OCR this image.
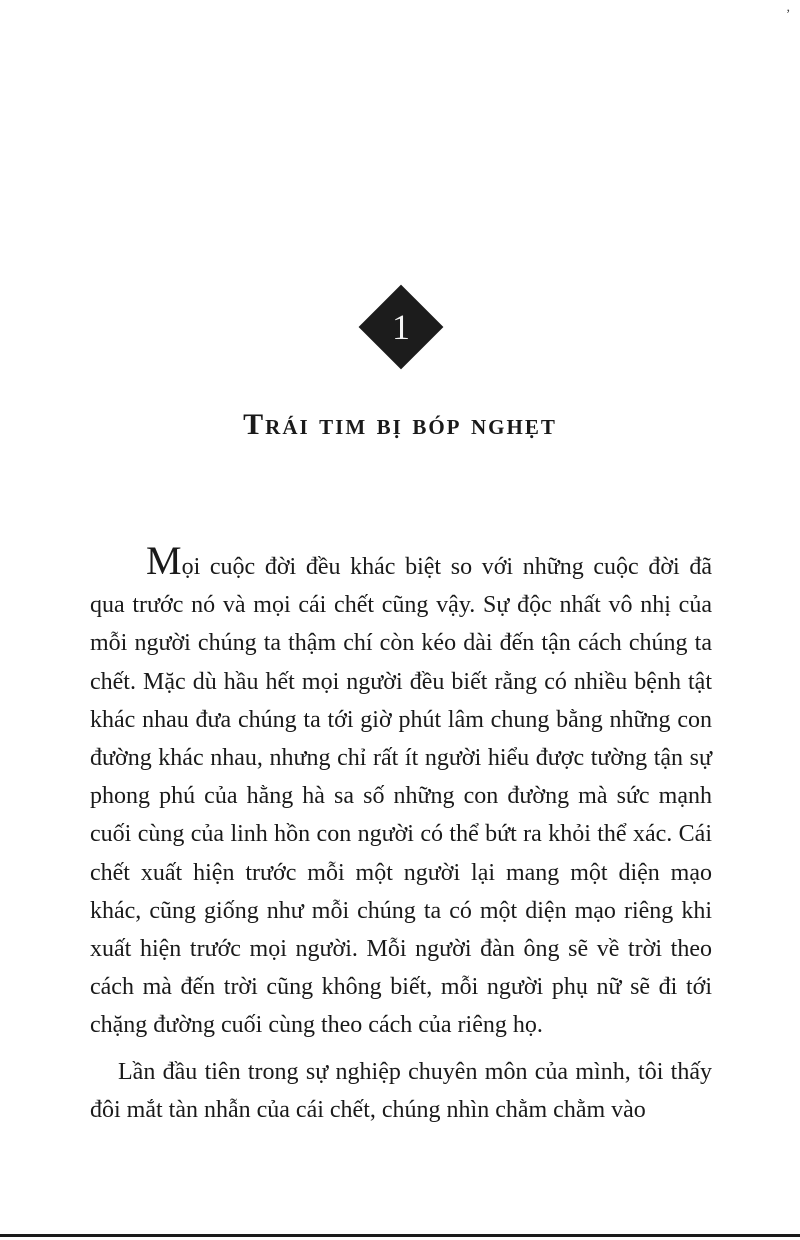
,
1
Trái tim bị bóp nghẹt

Mọi cuộc đời đều khác biệt so với những cuộc đời đã qua trước nó và mọi cái chết cũng vậy. Sự độc nhất vô nhị của mỗi người chúng ta thậm chí còn kéo dài đến tận cách chúng ta chết. Mặc dù hầu hết mọi người đều biết rằng có nhiều bệnh tật khác nhau đưa chúng ta tới giờ phút lâm chung bằng những con đường khác nhau, nhưng chỉ rất ít người hiểu được tường tận sự phong phú của hằng hà sa số những con đường mà sức mạnh cuối cùng của linh hồn con người có thể bứt ra khỏi thể xác. Cái chết xuất hiện trước mỗi một người lại mang một diện mạo khác, cũng giống như mỗi chúng ta có một diện mạo riêng khi xuất hiện trước mọi người. Mỗi người đàn ông sẽ về trời theo cách mà đến trời cũng không biết, mỗi người phụ nữ sẽ đi tới chặng đường cuối cùng theo cách của riêng họ.

Lần đầu tiên trong sự nghiệp chuyên môn của mình, tôi thấy đôi mắt tàn nhẫn của cái chết, chúng nhìn chằm chằm vào
